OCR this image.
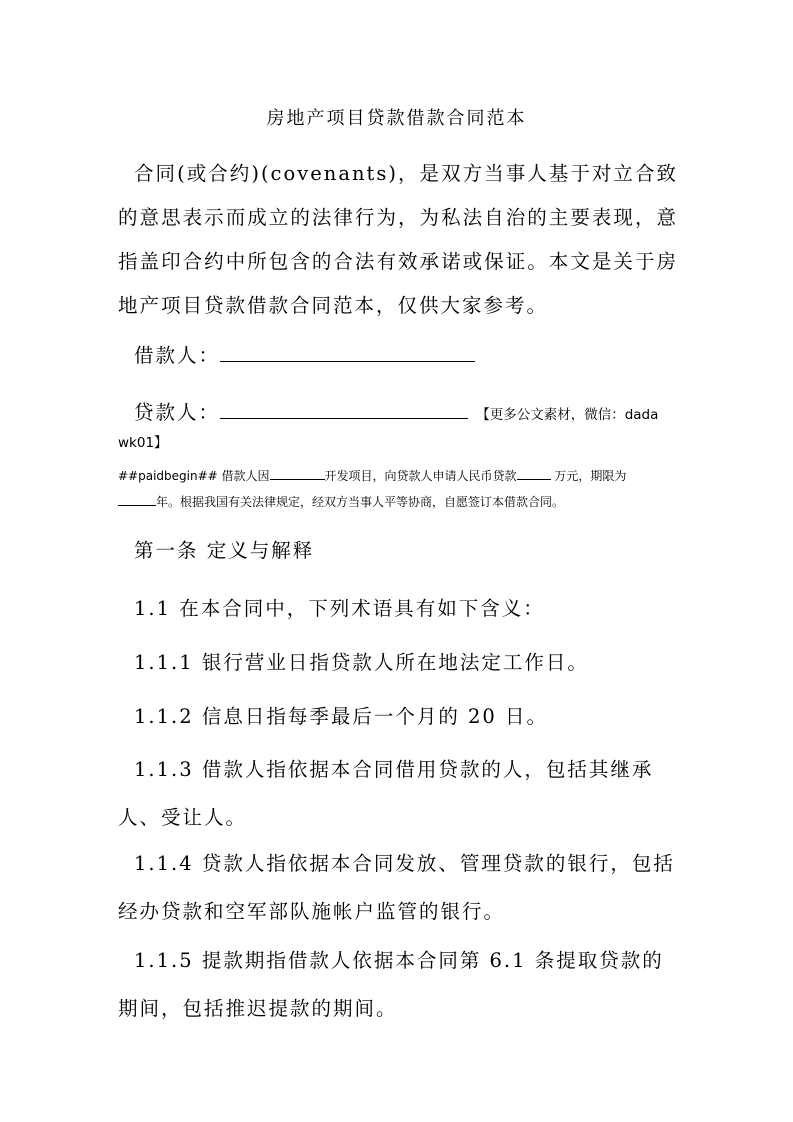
房地产项目贷款借款合同范本
合同(或合约)(covenants)，是双方当事人基于对立合致的意思表示而成立的法律行为，为私法自治的主要表现，意指盖印合约中所包含的合法有效承诺或保证。本文是关于房地产项目贷款借款合同范本，仅供大家参考。
借款人：
贷款人：	【更多公文素材，微信：dada
wk01】
##paidbegin## 借款人因	开发项目，向贷款人申请人民币贷款	万元，期限为
年。根据我国有关法律规定，经双方当事人平等协商，自愿签订本借款合同。
第一条 定义与解释
1.1 在本合同中，下列术语具有如下含义：
1.1.1 银行营业日指贷款人所在地法定工作日。
1.1.2 信息日指每季最后一个月的 20 日。
1.1.3 借款人指依据本合同借用贷款的人，包括其继承人、受让人。
1.1.4 贷款人指依据本合同发放、管理贷款的银行，包括经办贷款和空军部队施帐户监管的银行。
1.1.5 提款期指借款人依据本合同第 6.1 条提取贷款的期间，包括推迟提款的期间。
